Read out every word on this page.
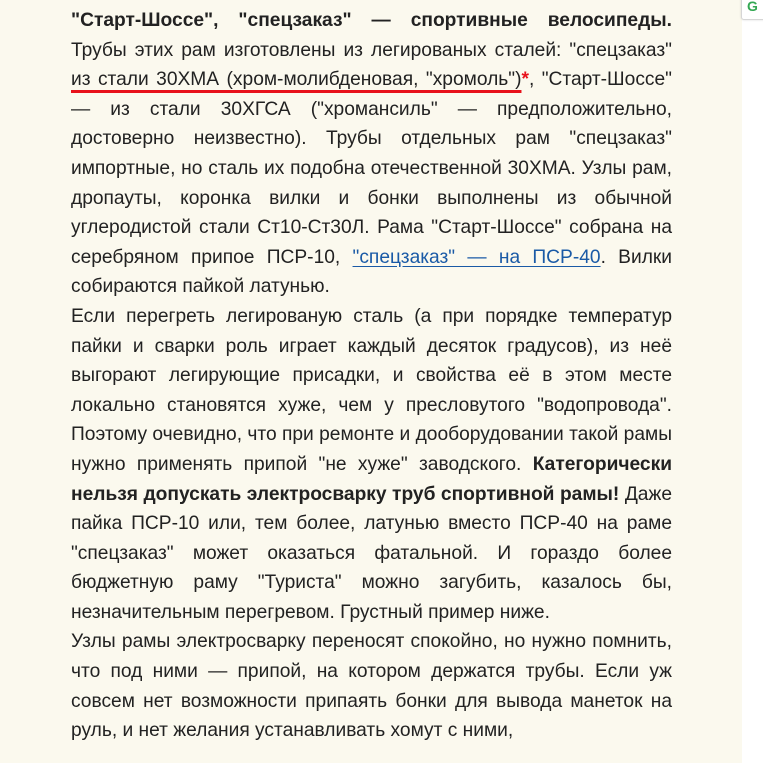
"Старт-Шоссе", "спецзаказ" — спортивные велосипеды. Трубы этих рам изготовлены из легированых сталей: "спецзаказ" из стали 30ХМА (хром-молибденовая, "хромоль")*, "Старт-Шоссе" — из стали 30ХГСА ("хромансиль" — предположительно, достоверно неизвестно). Трубы отдельных рам "спецзаказ" импортные, но сталь их подобна отечественной 30ХМА. Узлы рам, дропауты, коронка вилки и бонки выполнены из обычной углеродистой стали Ст10-Ст30Л. Рама "Старт-Шоссе" собрана на серебряном припое ПСР-10, "спецзаказ" — на ПСР-40. Вилки собираются пайкой латунью.

Если перегреть легированую сталь (а при порядке температур пайки и сварки роль играет каждый десяток градусов), из неё выгорают легирующие присадки, и свойства её в этом месте локально становятся хуже, чем у пресловутого "водопровода". Поэтому очевидно, что при ремонте и дооборудовании такой рамы нужно применять припой "не хуже" заводского. Категорически нельзя допускать электросварку труб спортивной рамы! Даже пайка ПСР-10 или, тем более, латунью вместо ПСР-40 на раме "спецзаказ" может оказаться фатальной. И гораздо более бюджетную раму "Туриста" можно загубить, казалось бы, незначительным перегревом. Грустный пример ниже.

Узлы рамы электросварку переносят спокойно, но нужно помнить, что под ними — припой, на котором держатся трубы. Если уж совсем нет возможности припаять бонки для вывода манеток на руль, и нет желания устанавливать хомут с ними,

G
